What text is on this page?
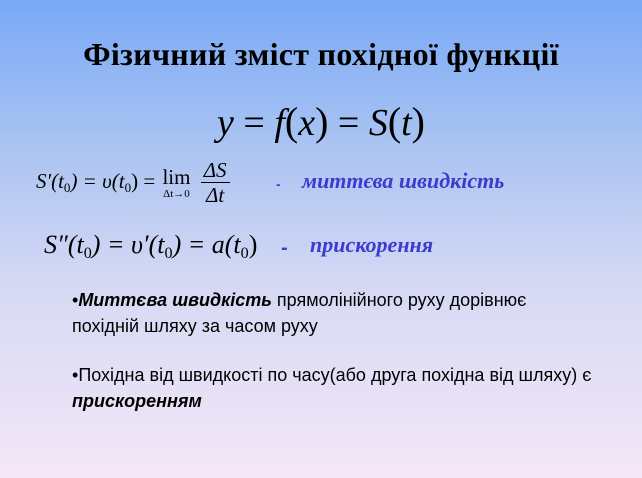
Фізичний зміст похідної функції
y = f(x) = S(t)
$S'(t_0) = \upsilon(t_0) = \lim$
Δt→0
$\frac{\Delta S}{\Delta t}$	- миттєва швидкість
$S''(t_0) = \upsilon'(t_0) = a(t_0)$ - прискорення
•Миттєва швидкість прямолінійного руху дорівнює похідній шляху за часом руху
•Похідна від швидкості по часу(або друга похідна від шляху) є прискоренням
